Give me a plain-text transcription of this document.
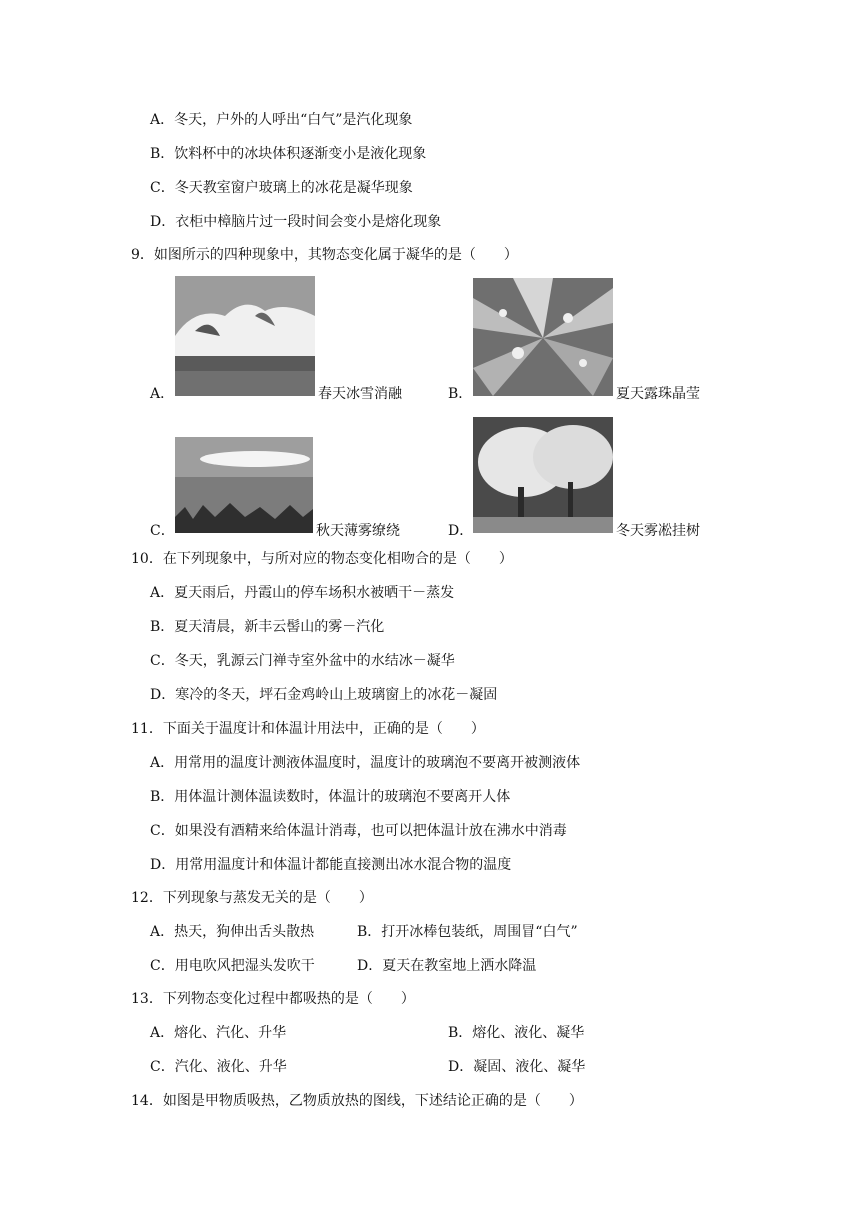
A．冬天，户外的人呼出“白气”是汽化现象
B．饮料杯中的冰块体积逐渐变小是液化现象
C．冬天教室窗户玻璃上的冰花是凝华现象
D．衣柜中樟脑片过一段时间会变小是熔化现象
9．如图所示的四种现象中，其物态变化属于凝华的是（　　）
A．	春天冰雪消融	B．	夏天露珠晶莹
C．	秋天薄雾缭绕	D．	冬天雾凇挂树
10．在下列现象中，与所对应的物态变化相吻合的是（　　）
A．夏天雨后，丹霞山的停车场积水被晒干－蒸发
B．夏天清晨，新丰云髻山的雾－汽化
C．冬天，乳源云门禅寺室外盆中的水结冰－凝华
D．寒冷的冬天，坪石金鸡岭山上玻璃窗上的冰花－凝固
11．下面关于温度计和体温计用法中，正确的是（　　）
A．用常用的温度计测液体温度时，温度计的玻璃泡不要离开被测液体
B．用体温计测体温读数时，体温计的玻璃泡不要离开人体
C．如果没有酒精来给体温计消毒，也可以把体温计放在沸水中消毒
D．用常用温度计和体温计都能直接测出冰水混合物的温度
12．下列现象与蒸发无关的是（　　）
A．热天，狗伸出舌头散热	B．打开冰棒包装纸，周围冒“白气”
C．用电吹风把湿头发吹干	D．夏天在教室地上洒水降温
13．下列物态变化过程中都吸热的是（　　）
A．熔化、汽化、升华	B．熔化、液化、凝华
C．汽化、液化、升华	D．凝固、液化、凝华
14．如图是甲物质吸热，乙物质放热的图线，下述结论正确的是（　　）
